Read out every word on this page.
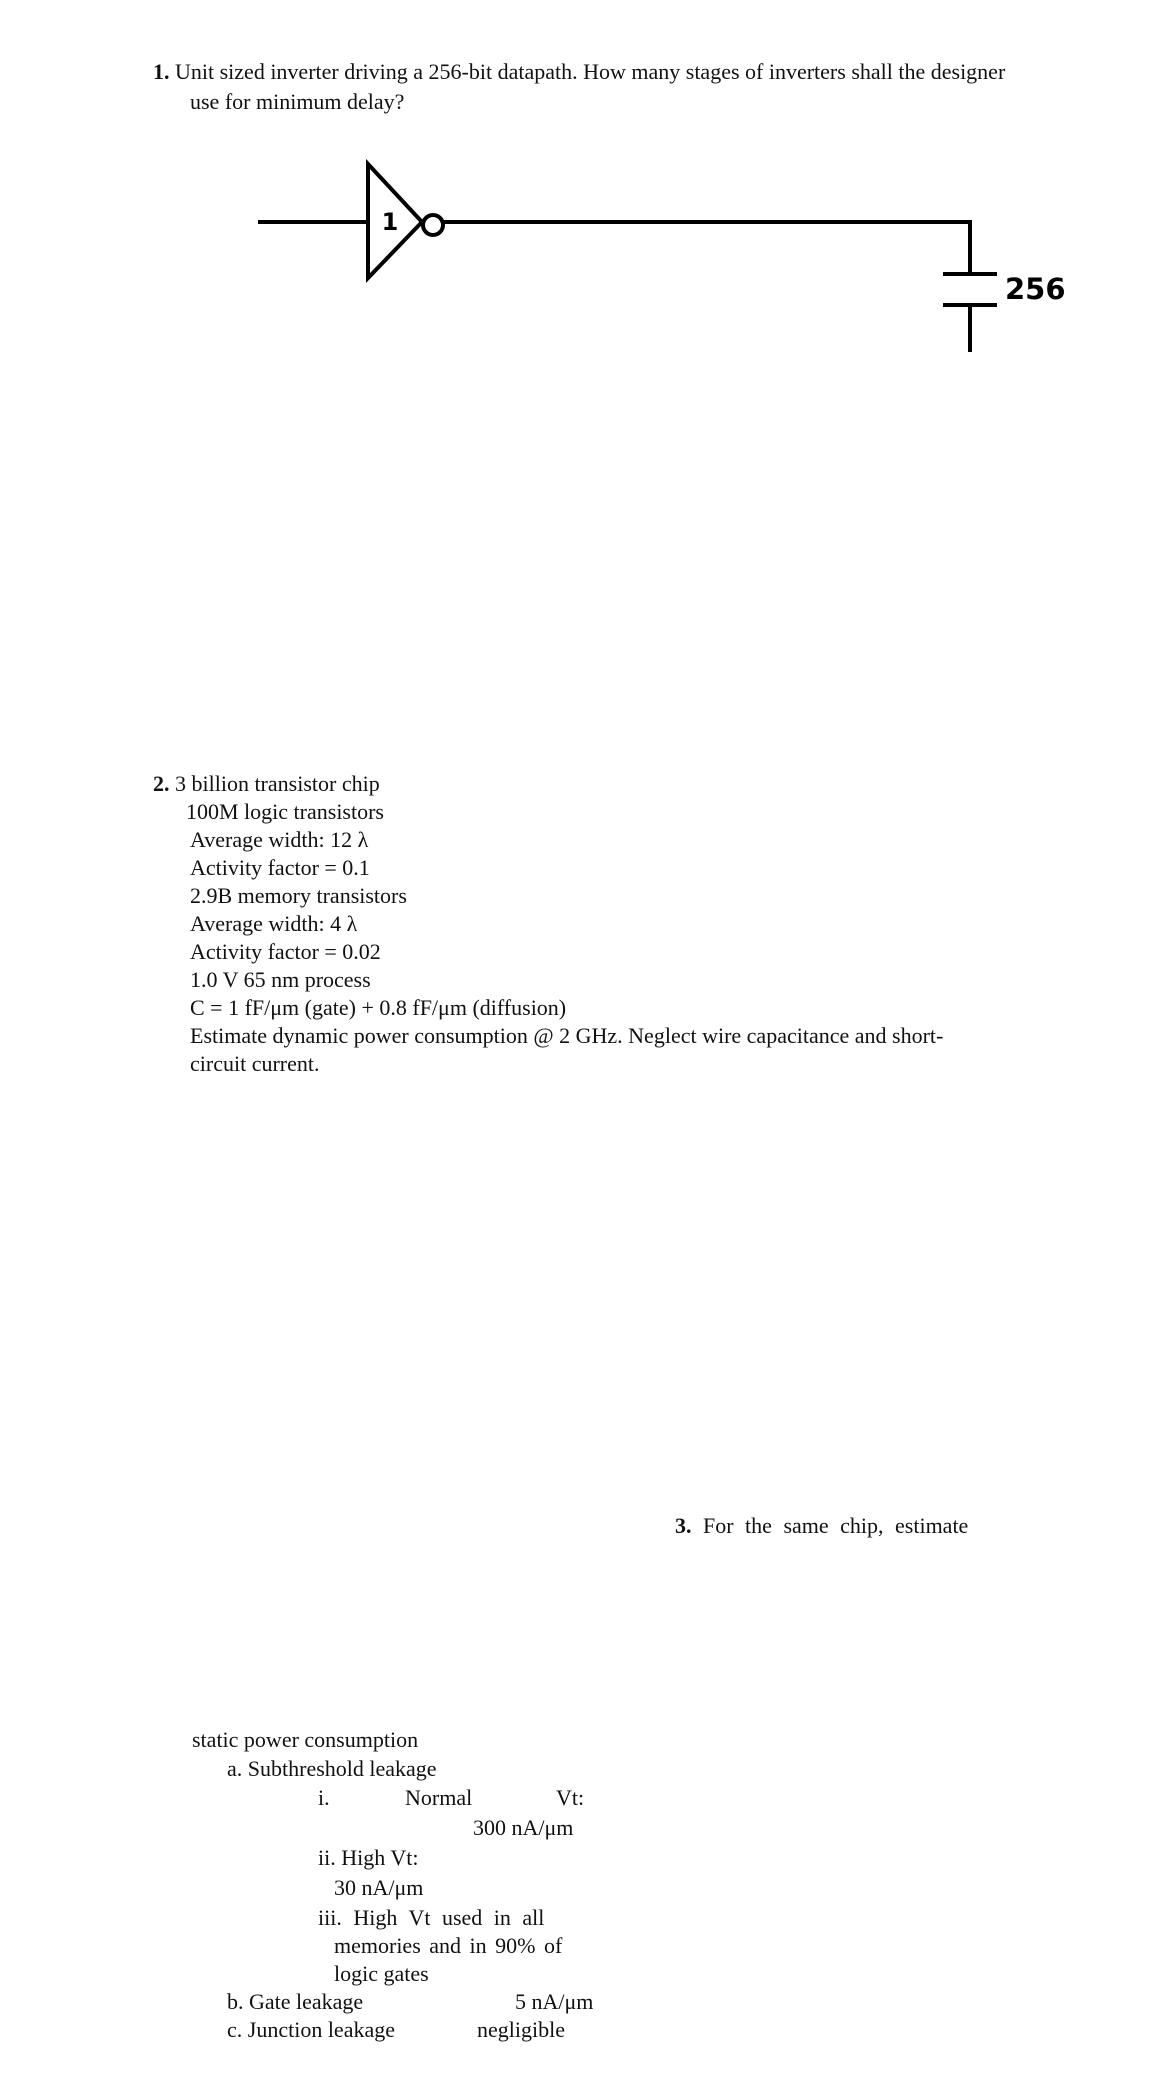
1. Unit sized inverter driving a 256-bit datapath. How many stages of inverters shall the designer
use for minimum delay?
1
256
2. 3 billion transistor chip
100M logic transistors
Average width: 12 λ
Activity factor = 0.1
2.9B memory transistors
Average width: 4 λ
Activity factor = 0.02
1.0 V 65 nm process
C = 1 fF/μm (gate) + 0.8 fF/μm (diffusion)
Estimate dynamic power consumption @ 2 GHz. Neglect wire capacitance and short-
circuit current.
3. For the same chip, estimate
static power consumption
a. Subthreshold leakage
i.	Normal	Vt:
300 nA/μm
ii. High Vt:
30 nA/μm
iii. High Vt used in all
memories and in 90% of
logic gates
b. Gate leakage	5 nA/μm
c. Junction leakage	negligible
